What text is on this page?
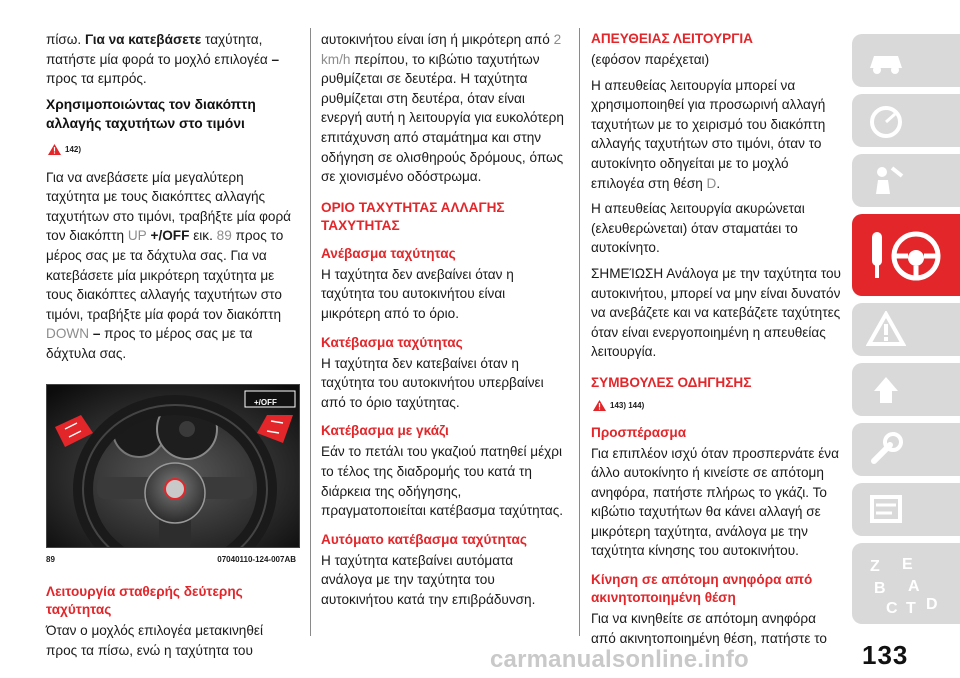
πίσω. Για να κατεβάσετε ταχύτητα,
πατήστε μία φορά το μοχλό επιλογέα –
προς τα εμπρός.

Χρησιμοποιώντας τον διακόπτη αλλαγής ταχυτήτων στο τιμόνι
142)

Για να ανεβάσετε μία μεγαλύτερη ταχύτητα με τους διακόπτες αλλαγής ταχυτήτων στο τιμόνι, τραβήξτε μία φορά τον διακόπτη UP +/OFF εικ. 89 προς το μέρος σας με τα δάχτυλα σας. Για να κατεβάσετε μία μικρότερη ταχύτητα με τους διακόπτες αλλαγής ταχυτήτων στο τιμόνι, τραβήξτε μία φορά τον διακόπτη DOWN – προς το μέρος σας με τα δάχτυλα σας.

+/OFF
89	07040110-124-007AB
Λειτουργία σταθερής δεύτερης ταχύτητας

Όταν ο μοχλός επιλογέα μετακινηθεί προς τα πίσω, ενώ η ταχύτητα του

αυτοκινήτου είναι ίση ή μικρότερη από 2 km/h περίπου, το κιβώτιο ταχυτήτων ρυθμίζεται σε δευτέρα. Η ταχύτητα ρυθμίζεται στη δευτέρα, όταν είναι ενεργή αυτή η λειτουργία για ευκολότερη επιτάχυνση από σταμάτημα και στην οδήγηση σε ολισθηρούς δρόμους, όπως σε χιονισμένο οδόστρωμα.

ΟΡΙΟ ΤΑΧΥΤΗΤΑΣ ΑΛΛΑΓΗΣ ΤΑΧΥΤΗΤΑΣ
Ανέβασμα ταχύτητας

Η ταχύτητα δεν ανεβαίνει όταν η ταχύτητα του αυτοκινήτου είναι μικρότερη από το όριο.

Κατέβασμα ταχύτητας

Η ταχύτητα δεν κατεβαίνει όταν η ταχύτητα του αυτοκινήτου υπερβαίνει από το όριο ταχύτητας.

Κατέβασμα με γκάζι

Εάν το πετάλι του γκαζιού πατηθεί μέχρι το τέλος της διαδρομής του κατά τη διάρκεια της οδήγησης, πραγματοποιείται κατέβασμα ταχύτητας.

Αυτόματο κατέβασμα ταχύτητας

Η ταχύτητα κατεβαίνει αυτόματα ανάλογα με την ταχύτητα του αυτοκινήτου κατά την επιβράδυνση.

ΑΠΕΥΘΕΙΑΣ ΛΕΙΤΟΥΡΓΙΑ
(εφόσον παρέχεται)

Η απευθείας λειτουργία μπορεί να χρησιμοποιηθεί για προσωρινή αλλαγή ταχυτήτων με το χειρισμό του διακόπτη αλλαγής ταχυτήτων στο τιμόνι, όταν το αυτοκίνητο οδηγείται με το μοχλό επιλογέα στη θέση D.

Η απευθείας λειτουργία ακυρώνεται (ελευθερώνεται) όταν σταματάει το αυτοκίνητο.

ΣΗΜΕΊΩΣΗ Ανάλογα με την ταχύτητα του αυτοκινήτου, μπορεί να μην είναι δυνατόν να ανεβάζετε και να κατεβάζετε ταχύτητες όταν είναι ενεργοποιημένη η απευθείας λειτουργία.

ΣΥΜΒΟΥΛΕΣ ΟΔΗΓΗΣΗΣ
143) 144)
Προσπέρασμα

Για επιπλέον ισχύ όταν προσπερνάτε ένα άλλο αυτοκίνητο ή κινείστε σε απότομη ανηφόρα, πατήστε πλήρως το γκάζι. Το κιβώτιο ταχυτήτων θα κάνει αλλαγή σε μικρότερη ταχύτητα, ανάλογα με την ταχύτητα κίνησης του αυτοκινήτου.

Κίνηση σε απότομη ανηφόρα από ακινητοποιημένη θέση

Για να κινηθείτε σε απότομη ανηφόρα από ακινητοποιημένη θέση, πατήστε το

Z E
B A
C T D
carmanualsonline.info	133
